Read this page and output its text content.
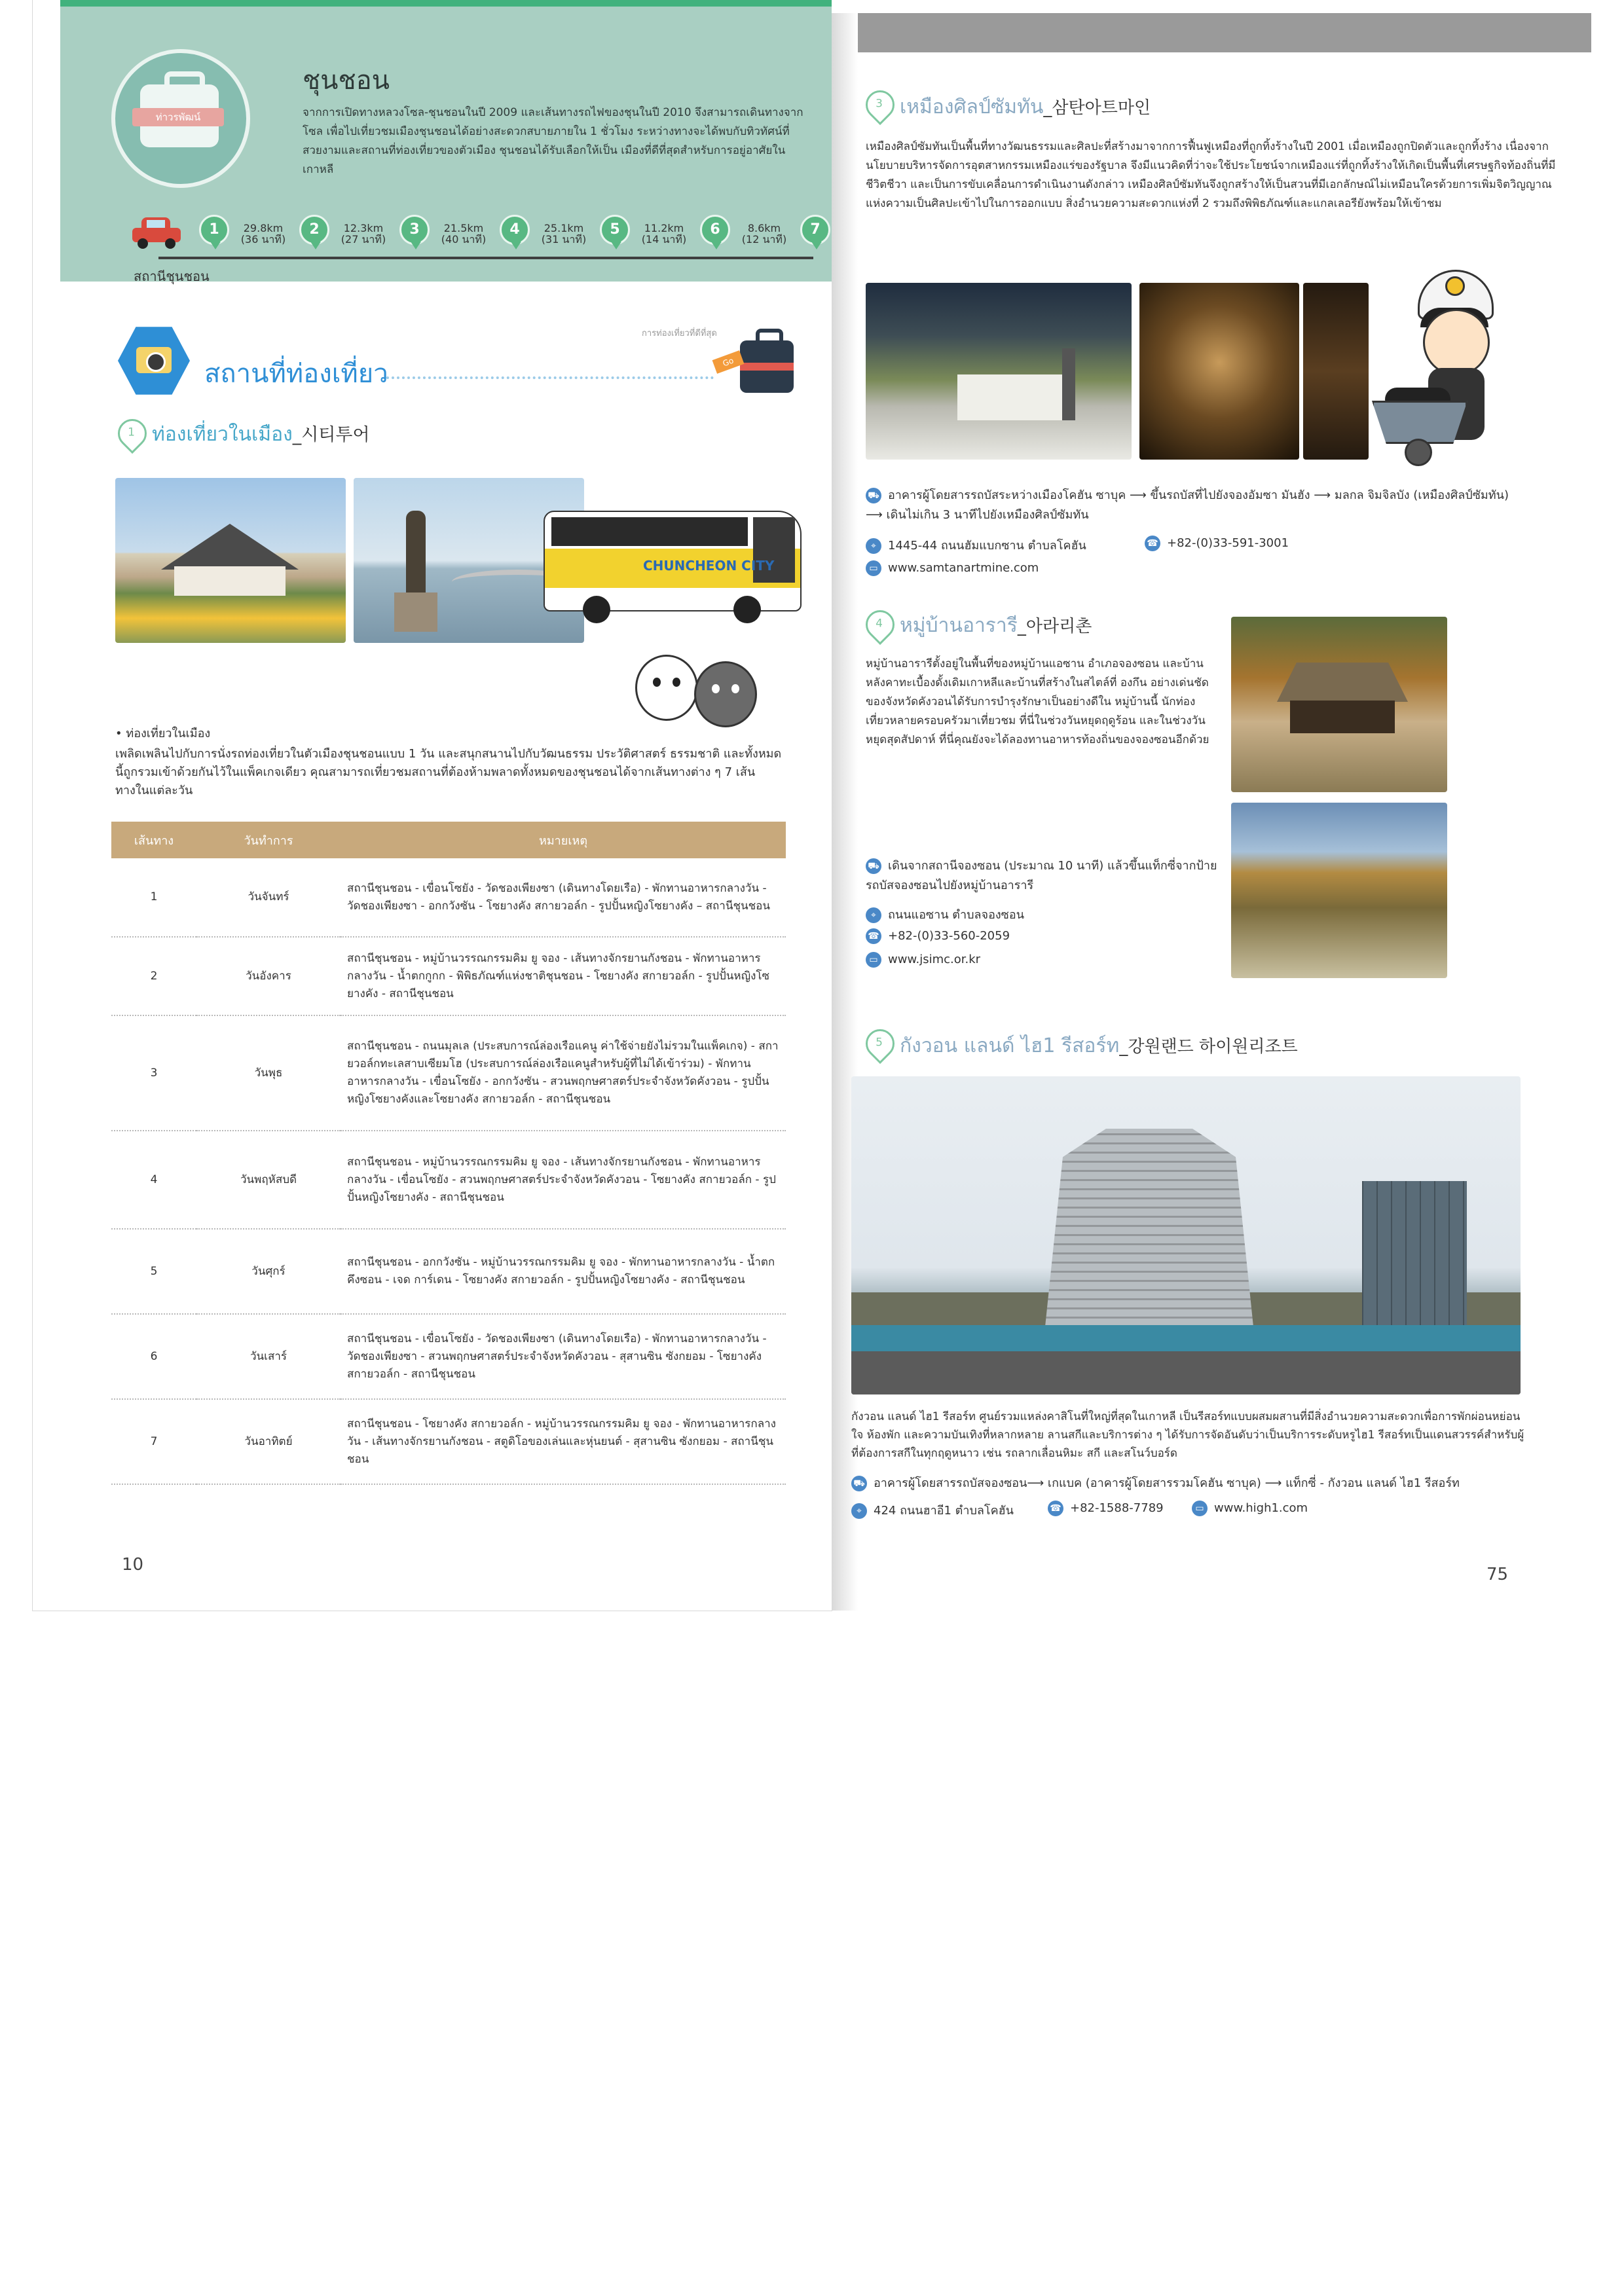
ท่าวรพัฒน์
ชุนชอน
จากการเปิดทางหลวงโซล-ชุนชอนในปี 2009 และเส้นทางรถไฟของชุนในปี 2010 จึงสามารถเดินทางจากโซล เพื่อไปเที่ยวชมเมืองชุนชอนได้อย่างสะดวกสบายภายใน 1 ชั่วโมง ระหว่างทางจะได้พบกับทิวทัศน์ที่สวยงามและสถานที่ท่องเที่ยวของตัวเมือง ชุนชอนได้รับเลือกให้เป็น เมืองที่ดีที่สุดสำหรับการอยู่อาศัยในเกาหลี
1	29.8km
(36 นาที)
2	12.3km
(27 นาที)
3	21.5km
(40 นาที)
4	25.1km
(31 นาที)
5	11.2km
(14 นาที)
6	8.6km
(12 นาที)
7
สถานีชุนชอน
สถานที่ท่องเที่ยว
การท่องเที่ยวที่ดีที่สุด
Go
1 ท่องเที่ยวในเมือง_시티투어
CHUNCHEON CITY
• ท่องเที่ยวในเมือง
เพลิดเพลินไปกับการนั่งรถท่องเที่ยวในตัวเมืองชุนชอนแบบ 1 วัน และสนุกสนานไปกับวัฒนธรรม ประวัติศาสตร์ ธรรมชาติ และทั้งหมดนี้ถูกรวมเข้าด้วยกันไว้ในแพ็คเกจเดียว คุณสามารถเที่ยวชมสถานที่ต้องห้ามพลาดทั้งหมดของชุนชอนได้จากเส้นทางต่าง ๆ 7 เส้นทางในแต่ละวัน
เส้นทาง	วันทำการ	หมายเหตุ
1	วันจันทร์	สถานีชุนชอน - เขื่อนโซยัง - วัดชองเพียงซา (เดินทางโดยเรือ) - พักทานอาหารกลางวัน - วัดชองเพียงซา - อกกวังซัน - โซยางคัง สกายวอล์ก - รูปปั้นหญิงโซยางคัง – สถานีชุนชอน
2	วันอังคาร	สถานีชุนชอน - หมู่บ้านวรรณกรรมคิม ยู จอง - เส้นทางจักรยานกังชอน - พักทานอาหารกลางวัน - น้ำตกกูกก - พิพิธภัณฑ์แห่งชาติชุนชอน - โซยางคัง สกายวอล์ก - รูปปั้นหญิงโซยางคัง - สถานีชุนชอน
3	วันพุธ	สถานีชุนชอน - ถนนมุลเล (ประสบการณ์ล่องเรือแคนู ค่าใช้จ่ายยังไม่รวมในแพ็คเกจ) - สกายวอล์กทะเลสาบเซียมโฮ (ประสบการณ์ล่องเรือแคนูสำหรับผู้ที่ไม่ได้เข้าร่วม) - พักทานอาหารกลางวัน - เขื่อนโซยัง - อกกวังซัน - สวนพฤกษศาสตร์ประจำจังหวัดคังวอน - รูปปั้นหญิงโซยางคังและโซยางคัง สกายวอล์ก - สถานีชุนชอน
4	วันพฤหัสบดี	สถานีชุนชอน - หมู่บ้านวรรณกรรมคิม ยู จอง - เส้นทางจักรยานกังชอน - พักทานอาหารกลางวัน - เขื่อนโซยัง - สวนพฤกษศาสตร์ประจำจังหวัดคังวอน - โซยางคัง สกายวอล์ก - รูปปั้นหญิงโซยางคัง - สถานีชุนชอน
5	วันศุกร์	สถานีชุนชอน - อกกวังซัน - หมู่บ้านวรรณกรรมคิม ยู จอง - พักทานอาหารกลางวัน - น้ำตกคึงซอน - เจด การ์เดน - โซยางคัง สกายวอล์ก - รูปปั้นหญิงโซยางคัง - สถานีชุนชอน
6	วันเสาร์	สถานีชุนชอน - เขื่อนโซยัง - วัดชองเพียงซา (เดินทางโดยเรือ) - พักทานอาหารกลางวัน - วัดชองเพียงซา - สวนพฤกษศาสตร์ประจำจังหวัดคังวอน - สุสานซิน ซังกยอม - โซยางคัง สกายวอล์ก - สถานีชุนชอน
7	วันอาทิตย์	สถานีชุนชอน - โซยางคัง สกายวอล์ก - หมู่บ้านวรรณกรรมคิม ยู จอง - พักทานอาหารกลางวัน - เส้นทางจักรยานกังชอน - สตูดิโอของเล่นและหุ่นยนต์ - สุสานซิน ซังกยอม - สถานีชุนชอน
10
3 เหมืองศิลป์ซัมทัน_삼탄아트마인
เหมืองศิลป์ซัมทันเป็นพื้นที่ทางวัฒนธรรมและศิลปะที่สร้างมาจากการฟื้นฟูเหมืองที่ถูกทิ้งร้างในปี 2001 เมื่อเหมืองถูกปิดตัวและถูกทิ้งร้าง เนื่องจากนโยบายบริหารจัดการอุตสาหกรรมเหมืองแร่ของรัฐบาล จึงมีแนวคิดที่ว่าจะใช้ประโยชน์จากเหมืองแร่ที่ถูกทิ้งร้างให้เกิดเป็นพื้นที่เศรษฐกิจท้องถิ่นที่มีชีวิตชีวา และเป็นการขับเคลื่อนการดำเนินงานดังกล่าว เหมืองศิลป์ซัมทันจึงถูกสร้างให้เป็นสวนที่มีเอกลักษณ์ไม่เหมือนใครด้วยการเพิ่มจิตวิญญาณแห่งความเป็นศิลปะเข้าไปในการออกแบบ สิ่งอำนวยความสะดวกแห่งที่ 2 รวมถึงพิพิธภัณฑ์และแกลเลอรียังพร้อมให้เข้าชม
⛟ อาคารผู้โดยสารรถบัสระหว่างเมืองโคฮัน ซาบุค ⟶ ขึ้นรถบัสที่ไปยังจองอัมซา มันฮัง ⟶ มลกล จิมจิลบัง (เหมืองศิลป์ซัมทัน) ⟶ เดินไม่เกิน 3 นาทีไปยังเหมืองศิลป์ซัมทัน
⌖ 1445-44 ถนนฮัมแบกซาน ตำบลโคฮัน	☎ +82-(0)33-591-3001
▭ www.samtanartmine.com
4 หมู่บ้านอารารี_아라리촌
หมู่บ้านอารารีตั้งอยู่ในพื้นที่ของหมู่บ้านแอซาน อำเภอจองซอน และบ้านหลังคาทะเบื้องดั้งเดิมเกาหลีและบ้านที่สร้างในสไตล์ที่ องกึน อย่างเด่นชัดของจังหวัดคังวอนได้รับการบำรุงรักษาเป็นอย่างดีใน หมู่บ้านนี้ นักท่องเที่ยวหลายครอบครัวมาเที่ยวชม ที่นี่ในช่วงวันหยุดฤดูร้อน และในช่วงวันหยุดสุดสัปดาห์ ที่นี่คุณยังจะได้ลองทานอาหารท้องถิ่นของจองซอนอีกด้วย
⛟ เดินจากสถานีจองซอน (ประมาณ 10 นาที) แล้วขึ้นแท็กซี่จากป้ายรถบัสจองซอนไปยังหมู่บ้านอารารี
⌖ ถนนแอซาน ตำบลจองซอน
☎ +82-(0)33-560-2059
▭ www.jsimc.or.kr
5 กังวอน แลนด์ ไฮ1 รีสอร์ท_강원랜드 하이원리조트
กังวอน แลนด์ ไฮ1 รีสอร์ท ศูนย์รวมแหล่งคาสิโนที่ใหญ่ที่สุดในเกาหลี เป็นรีสอร์ทแบบผสมผสานที่มีสิ่งอำนวยความสะดวกเพื่อการพักผ่อนหย่อนใจ ห้องพัก และความบันเทิงที่หลากหลาย ลานสกีและบริการต่าง ๆ ได้รับการจัดอันดับว่าเป็นบริการระดับหรูไฮ1 รีสอร์ทเป็นแดนสวรรค์สำหรับผู้ที่ต้องการสกีในทุกฤดูหนาว เช่น รถลากเลื่อนหิมะ สกี และสโนว์บอร์ด
⛟ อาคารผู้โดยสารรถบัสจองซอน⟶ เกแบค (อาคารผู้โดยสารรวมโคฮัน ซาบุค) ⟶ แท็กซี่ - กังวอน แลนด์ ไฮ1 รีสอร์ท
⌖ 424 ถนนฮาอี1 ตำบลโคฮัน	☎ +82-1588-7789	▭ www.high1.com
75
